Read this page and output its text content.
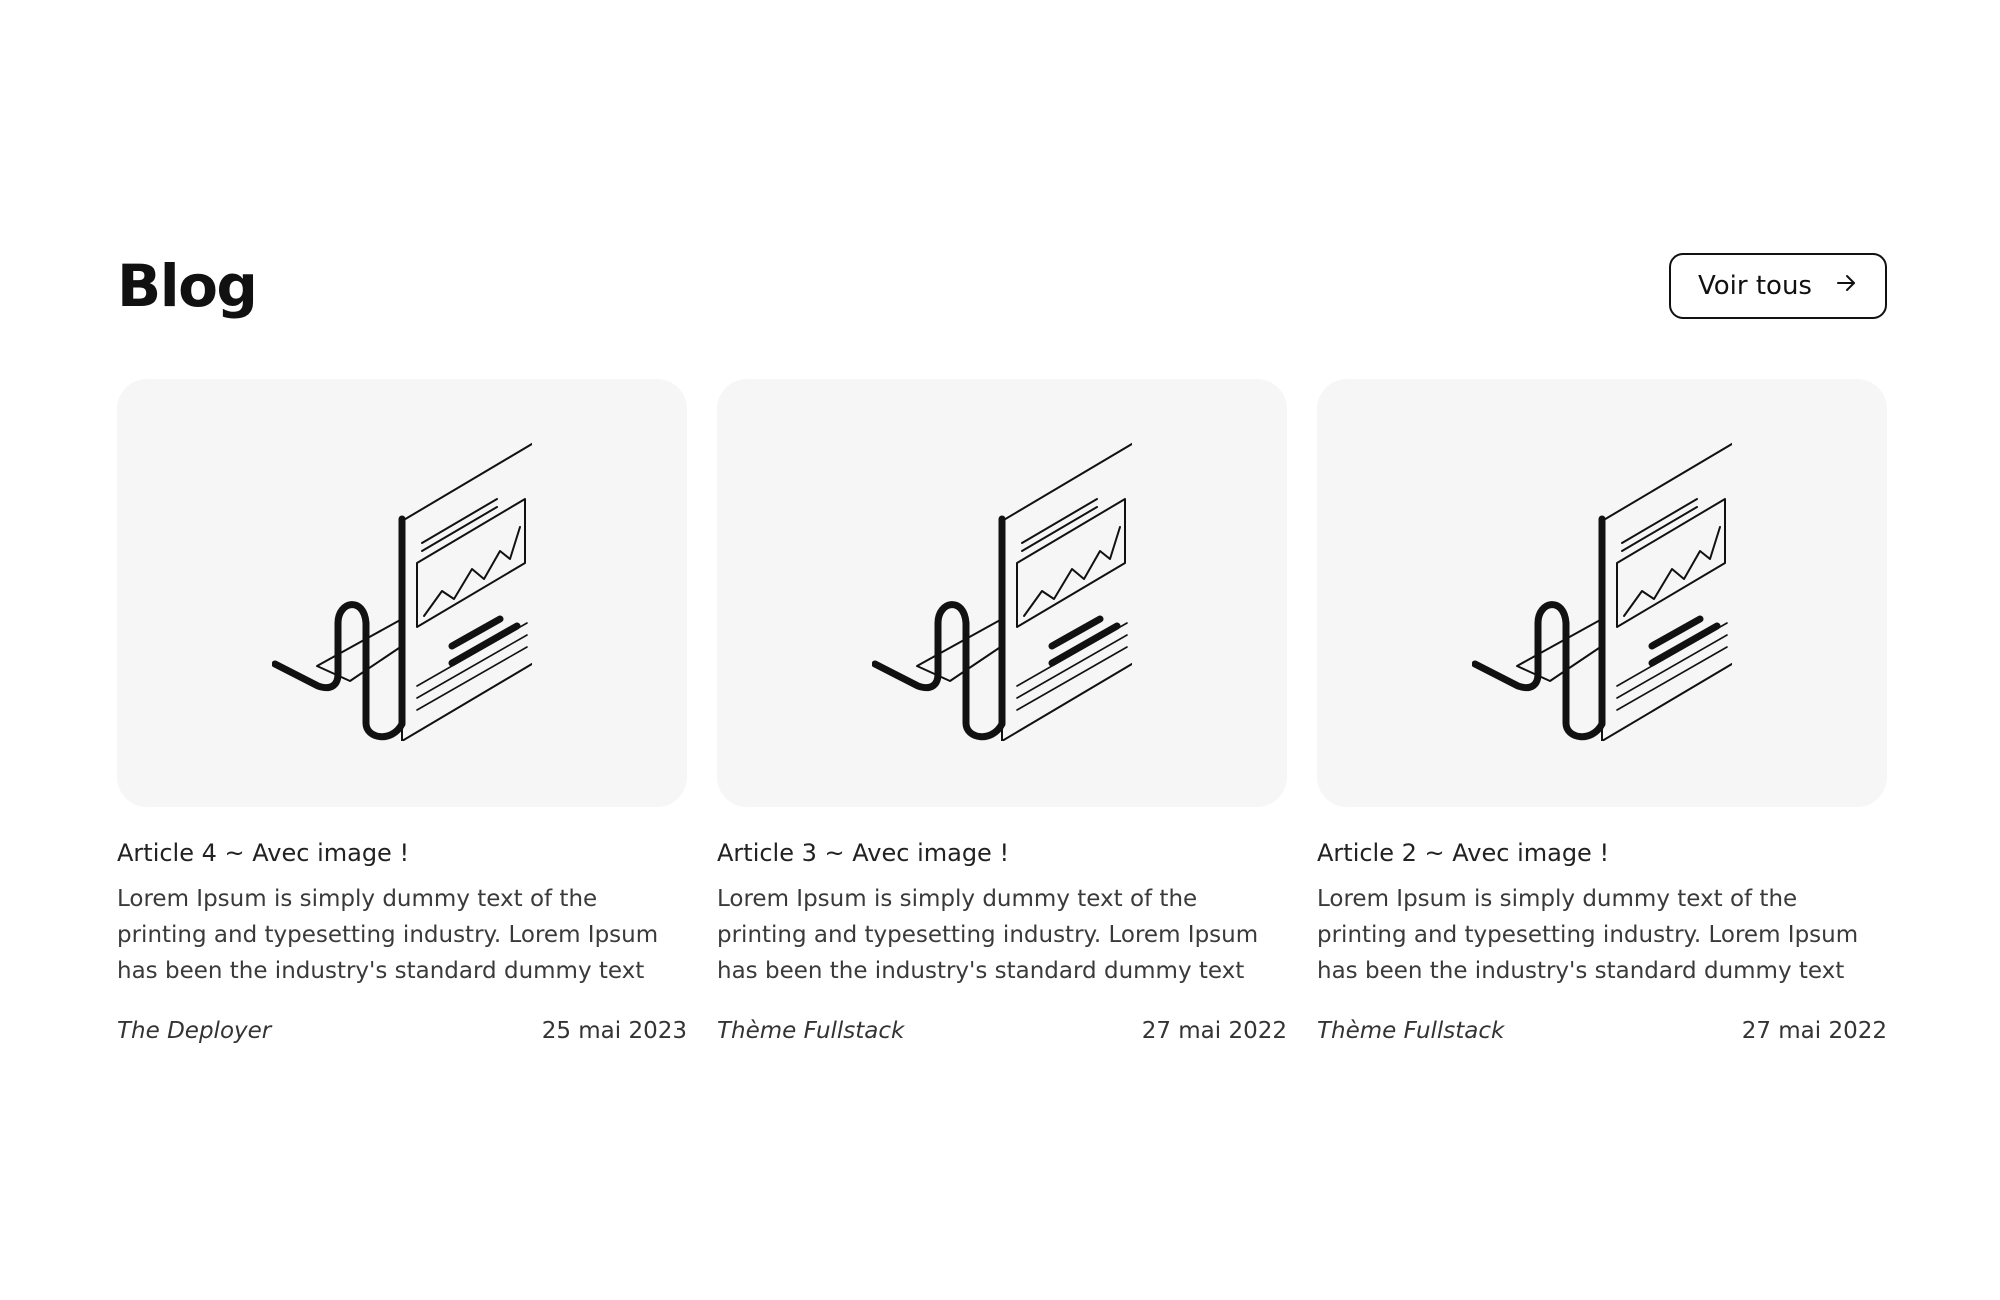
Blog	Voir tous
Article 4 ~ Avec image !

Lorem Ipsum is simply dummy text of the printing and typesetting industry. Lorem Ipsum has been the industry's standard dummy text

The Deployer	25 mai 2023
Article 3 ~ Avec image !

Lorem Ipsum is simply dummy text of the printing and typesetting industry. Lorem Ipsum has been the industry's standard dummy text

Thème Fullstack	27 mai 2022
Article 2 ~ Avec image !

Lorem Ipsum is simply dummy text of the printing and typesetting industry. Lorem Ipsum has been the industry's standard dummy text

Thème Fullstack	27 mai 2022
